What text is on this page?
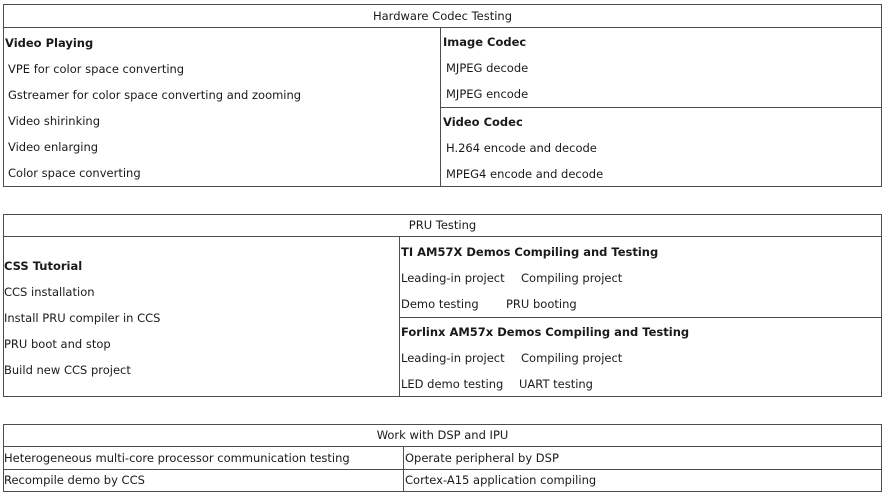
Hardware Codec Testing
Video Playing
VPE for color space converting
Gstreamer for color space converting and zooming
Video shirinking
Video enlarging
Color space converting
Image Codec
MJPEG decode
MJPEG encode
Video Codec
H.264 encode and decode
MPEG4 encode and decode
PRU Testing
CSS Tutorial
CCS installation
Install PRU compiler in CCS
PRU boot and stop
Build new CCS project
TI AM57X Demos Compiling and Testing
Leading-in project Compiling project
Demo testing PRU booting
Forlinx AM57x Demos Compiling and Testing
Leading-in project Compiling project
LED demo testing UART testing
Work with DSP and IPU
Heterogeneous multi-core processor communication testing	Operate peripheral by DSP
Recompile demo by CCS	Cortex-A15 application compiling
